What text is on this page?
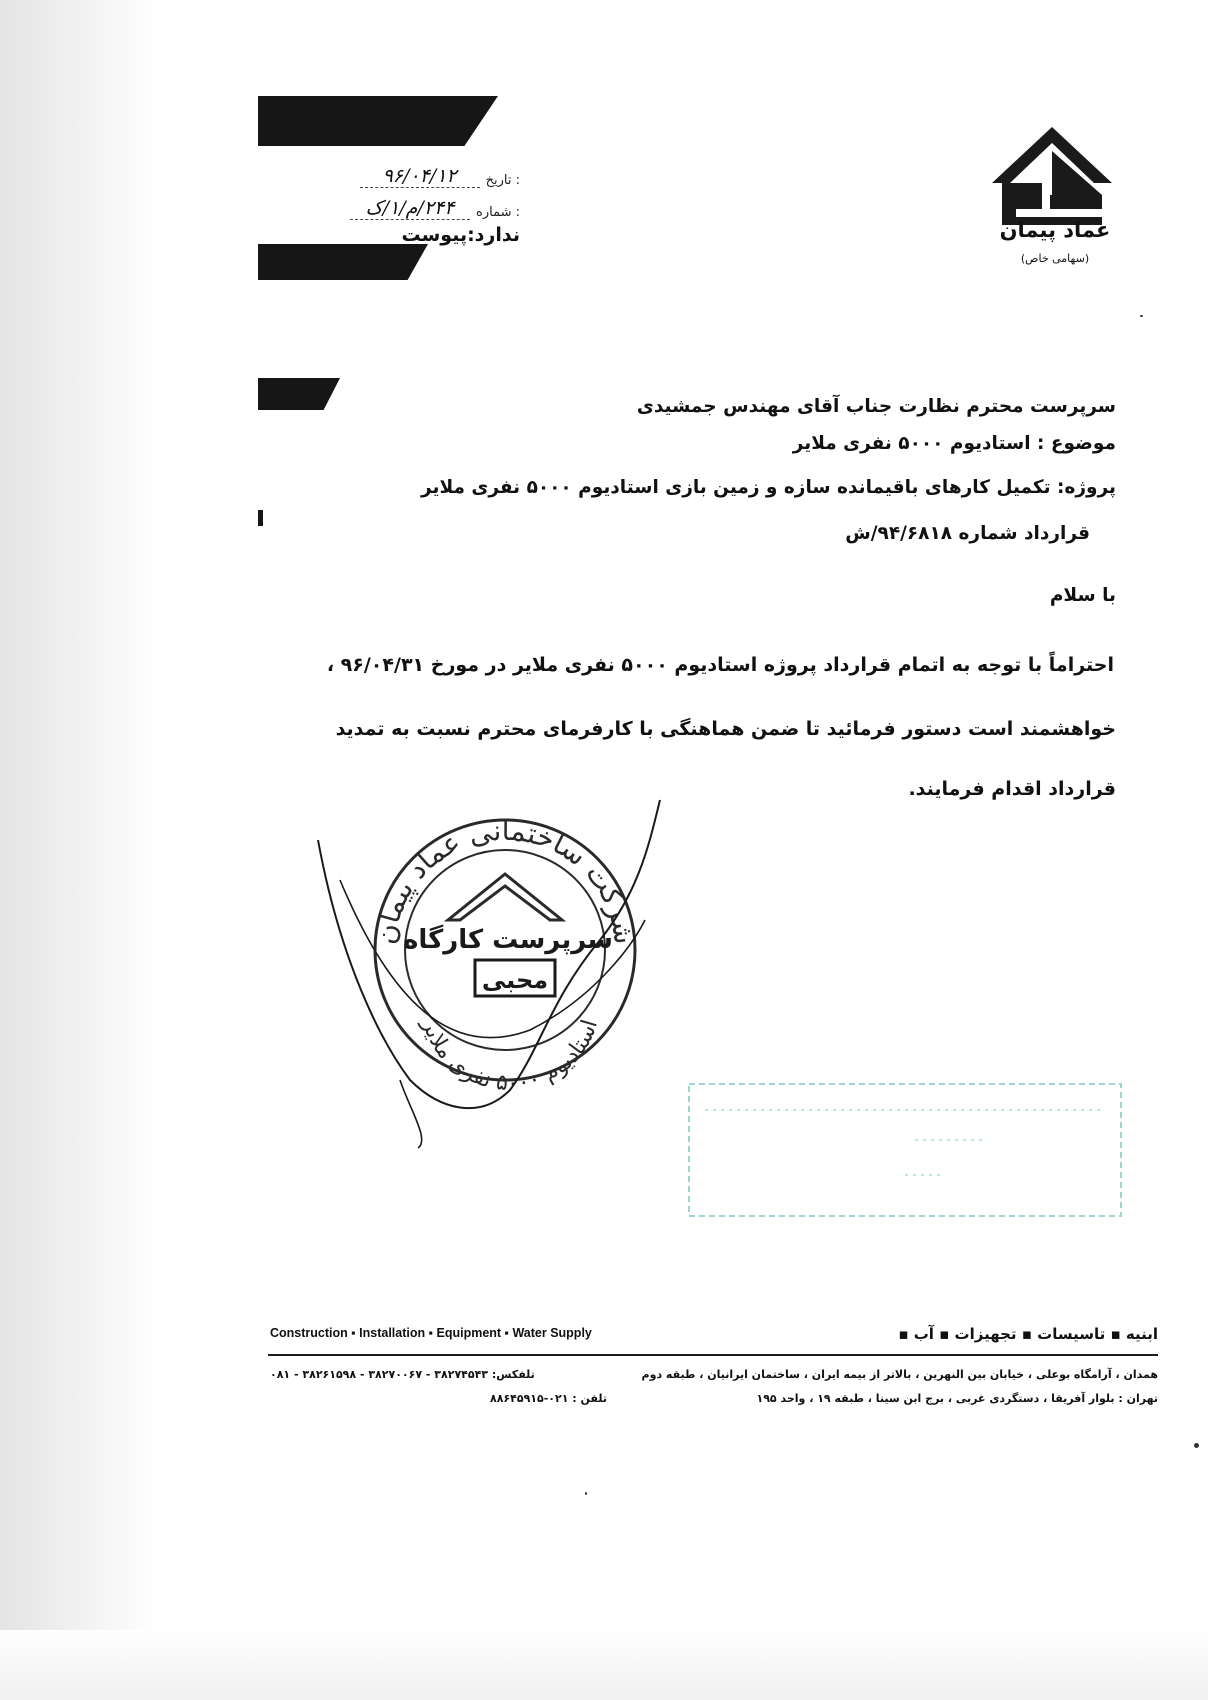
: تاریخ
۹۶/۰۴/۱۲
: شماره
۲۴۴/م/۱/ک
ندارد:پیوست	عماد پیمان
(سهامی خاص)
سرپرست محترم نظارت جناب آقای مهندس جمشیدی
موضوع : استادیوم ۵۰۰۰ نفری ملایر
پروژه: تکمیل کارهای باقیمانده سازه و زمین بازی استادیوم ۵۰۰۰ نفری ملایر
قرارداد شماره ۹۴/۶۸۱۸/ش
با سلام
احتراماً با توجه به اتمام قرارداد پروژه استادیوم ۵۰۰۰ نفری ملایر در مورخ ۹۶/۰۴/۳۱ ،
خواهشمند است دستور فرمائید تا ضمن هماهنگی با کارفرمای محترم نسبت به تمدید
قرارداد اقدام فرمایند.
شرکت ساختمانی عماد پیمان
استادیوم ۵۰۰۰ نفری ملایر
سرپرست کارگاه
محبی
Construction ▪ Installation ▪ Equipment ▪ Water Supply	ابنیه ▪ تاسیسات ▪ تجهیزات ▪ آب ▪
همدان ، آرامگاه بوعلی ، خیابان بین النهرین ، بالاتر از بیمه ایران ، ساختمان ایرانیان ، طبقه دوم
تلفکس: ۳۸۲۷۴۵۴۳ - ۳۸۲۷۰۰۶۷ - ۳۸۲۶۱۵۹۸ - ۰۸۱
تهران : بلوار آفریقا ، دستگردی غربی ، برج ابن سینا ، طبقه ۱۹ ، واحد ۱۹۵
تلفن : ۰۲۱-۸۸۶۴۵۹۱۵
